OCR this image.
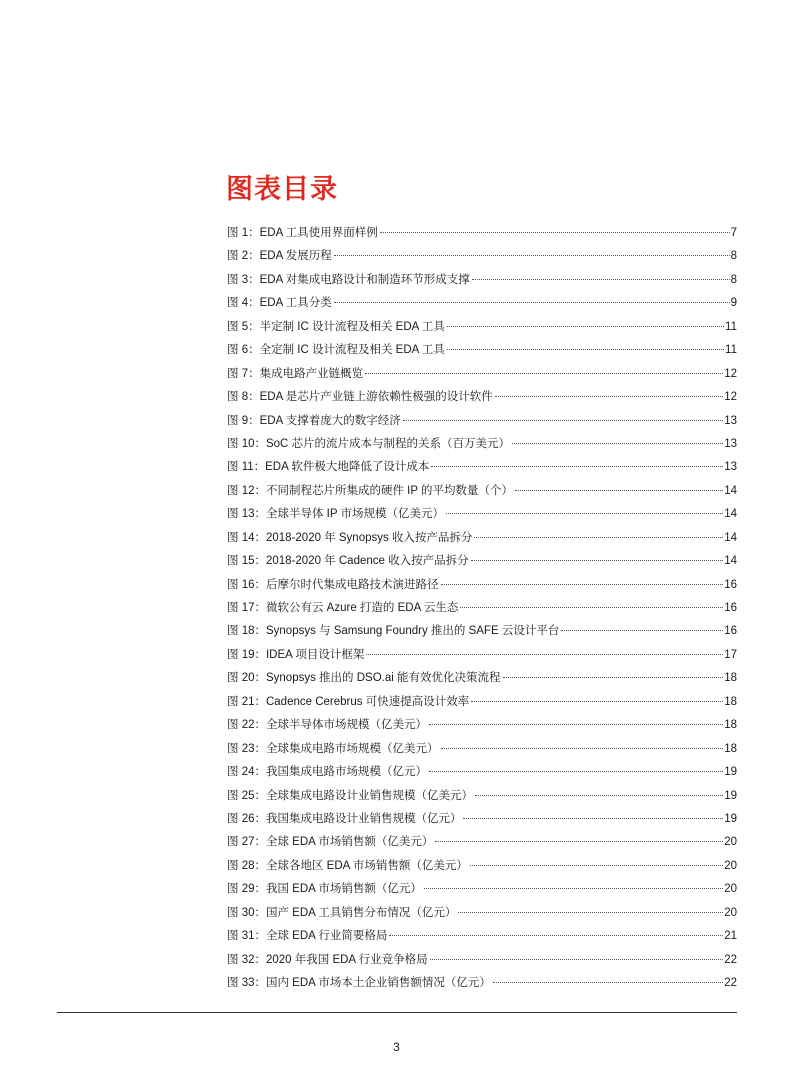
图表目录
图 1：EDA 工具使用界面样例	7
图 2：EDA 发展历程	8
图 3：EDA 对集成电路设计和制造环节形成支撑	8
图 4：EDA 工具分类	9
图 5：半定制 IC 设计流程及相关 EDA 工具	11
图 6：全定制 IC 设计流程及相关 EDA 工具	11
图 7：集成电路产业链概览	12
图 8：EDA 是芯片产业链上游依赖性极强的设计软件	12
图 9：EDA 支撑着庞大的数字经济	13
图 10：SoC 芯片的流片成本与制程的关系（百万美元）	13
图 11：EDA 软件极大地降低了设计成本	13
图 12：不同制程芯片所集成的硬件 IP 的平均数量（个）	14
图 13：全球半导体 IP 市场规模（亿美元）	14
图 14：2018-2020 年 Synopsys 收入按产品拆分	14
图 15：2018-2020 年 Cadence 收入按产品拆分	14
图 16：后摩尔时代集成电路技术演进路径	16
图 17：微软公有云 Azure 打造的 EDA 云生态	16
图 18：Synopsys 与 Samsung Foundry 推出的 SAFE 云设计平台	16
图 19：IDEA 项目设计框架	17
图 20：Synopsys 推出的 DSO.ai 能有效优化决策流程	18
图 21：Cadence Cerebrus 可快速提高设计效率	18
图 22：全球半导体市场规模（亿美元）	18
图 23：全球集成电路市场规模（亿美元）	18
图 24：我国集成电路市场规模（亿元）	19
图 25：全球集成电路设计业销售规模（亿美元）	19
图 26：我国集成电路设计业销售规模（亿元）	19
图 27：全球 EDA 市场销售额（亿美元）	20
图 28：全球各地区 EDA 市场销售额（亿美元）	20
图 29：我国 EDA 市场销售额（亿元）	20
图 30：国产 EDA 工具销售分布情况（亿元）	20
图 31：全球 EDA 行业简要格局	21
图 32：2020 年我国 EDA 行业竞争格局	22
图 33：国内 EDA 市场本土企业销售额情况（亿元）	22
3
